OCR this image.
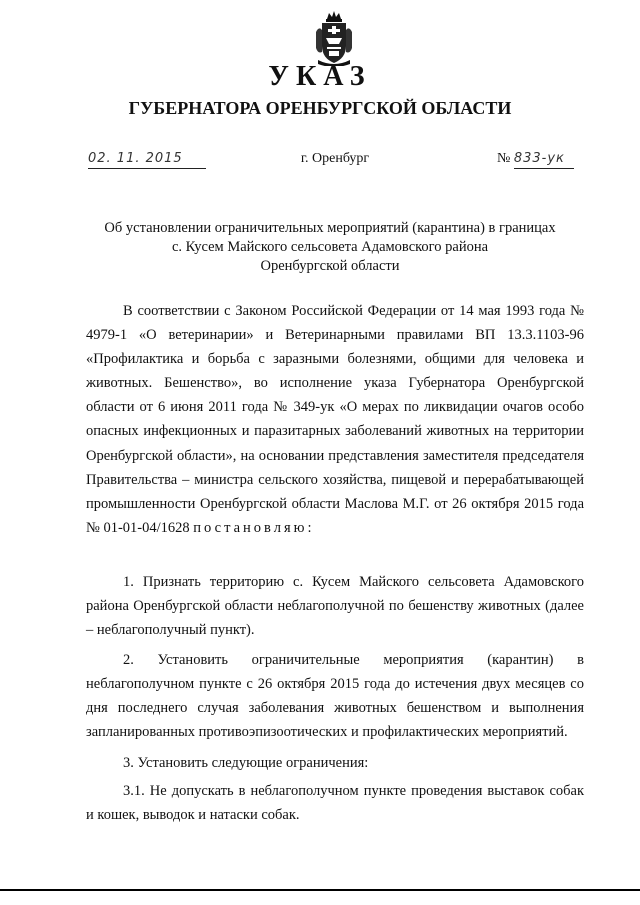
УКАЗ
ГУБЕРНАТОРА ОРЕНБУРГСКОЙ ОБЛАСТИ
02. 11. 2015	г. Оренбург	№ 833-ук
Об установлении ограничительных мероприятий (карантина) в границах
с. Кусем Майского сельсовета Адамовского района
Оренбургской области

В соответствии с Законом Российской Федерации от 14 мая 1993 года № 4979-1 «О ветеринарии» и Ветеринарными правилами ВП 13.3.1103-96 «Профилактика и борьба с заразными болезнями, общими для человека и животных. Бешенство», во исполнение указа Губернатора Оренбургской области от 6 июня 2011 года № 349-ук «О мерах по ликвидации очагов особо опасных инфекционных и паразитарных заболеваний животных на территории Оренбургской области», на основании представления заместителя председателя Правительства – министра сельского хозяйства, пищевой и перерабатывающей промышленности Оренбургской области Маслова М.Г. от 26 октября 2015 года № 01-01-04/1628 постановляю:

1. Признать территорию с. Кусем Майского сельсовета Адамовского района Оренбургской области неблагополучной по бешенству животных (далее – неблагополучный пункт).

2. Установить ограничительные мероприятия (карантин) в неблагополучном пункте с 26 октября 2015 года до истечения двух месяцев со дня последнего случая заболевания животных бешенством и выполнения запланированных противоэпизоотических и профилактических мероприятий.

3. Установить следующие ограничения:

3.1. Не допускать в неблагополучном пункте проведения выставок собак и кошек, выводок и натаски собак.
